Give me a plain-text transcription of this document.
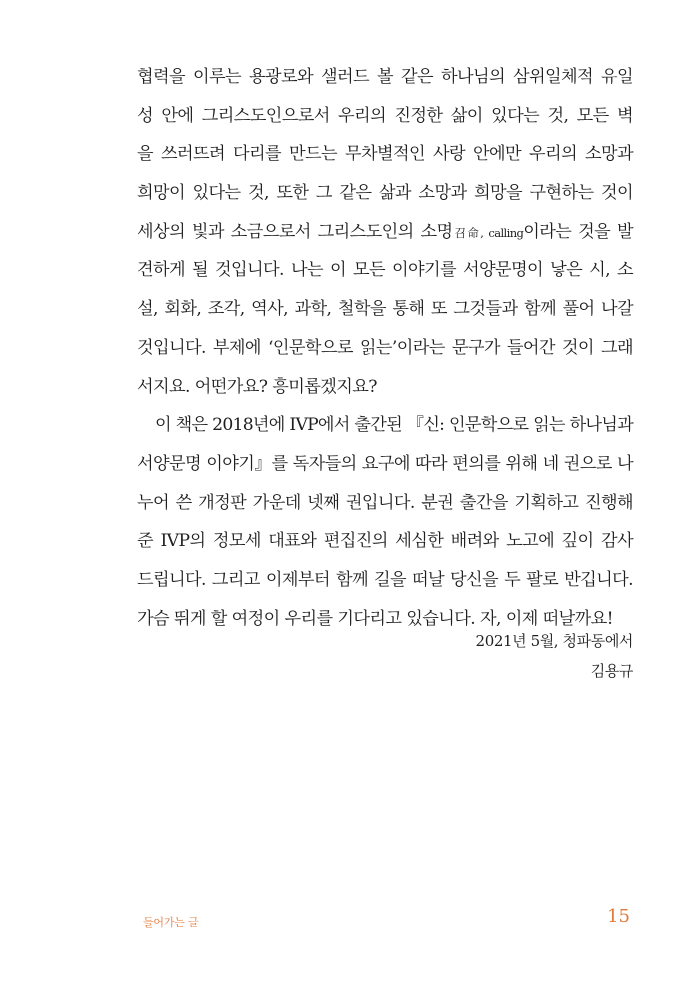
협력을 이루는 용광로와 샐러드 볼 같은 하나님의 삼위일체적 유일
성 안에 그리스도인으로서 우리의 진정한 삶이 있다는 것, 모든 벽
을 쓰러뜨려 다리를 만드는 무차별적인 사랑 안에만 우리의 소망과
희망이 있다는 것, 또한 그 같은 삶과 소망과 희망을 구현하는 것이
세상의 빛과 소금으로서 그리스도인의 소명召命, calling이라는 것을 발
견하게 될 것입니다. 나는 이 모든 이야기를 서양문명이 낳은 시, 소
설, 회화, 조각, 역사, 과학, 철학을 통해 또 그것들과 함께 풀어 나갈
것입니다. 부제에 ‘인문학으로 읽는’이라는 문구가 들어간 것이 그래
서지요. 어떤가요? 흥미롭겠지요?
이 책은 2018년에 IVP에서 출간된 『신: 인문학으로 읽는 하나님과
서양문명 이야기』를 독자들의 요구에 따라 편의를 위해 네 권으로 나
누어 쓴 개정판 가운데 넷째 권입니다. 분권 출간을 기획하고 진행해
준 IVP의 정모세 대표와 편집진의 세심한 배려와 노고에 깊이 감사
드립니다. 그리고 이제부터 함께 길을 떠날 당신을 두 팔로 반깁니다.
가슴 뛰게 할 여정이 우리를 기다리고 있습니다. 자, 이제 떠날까요!
2021년 5월, 청파동에서
김용규
들어가는 글	15
